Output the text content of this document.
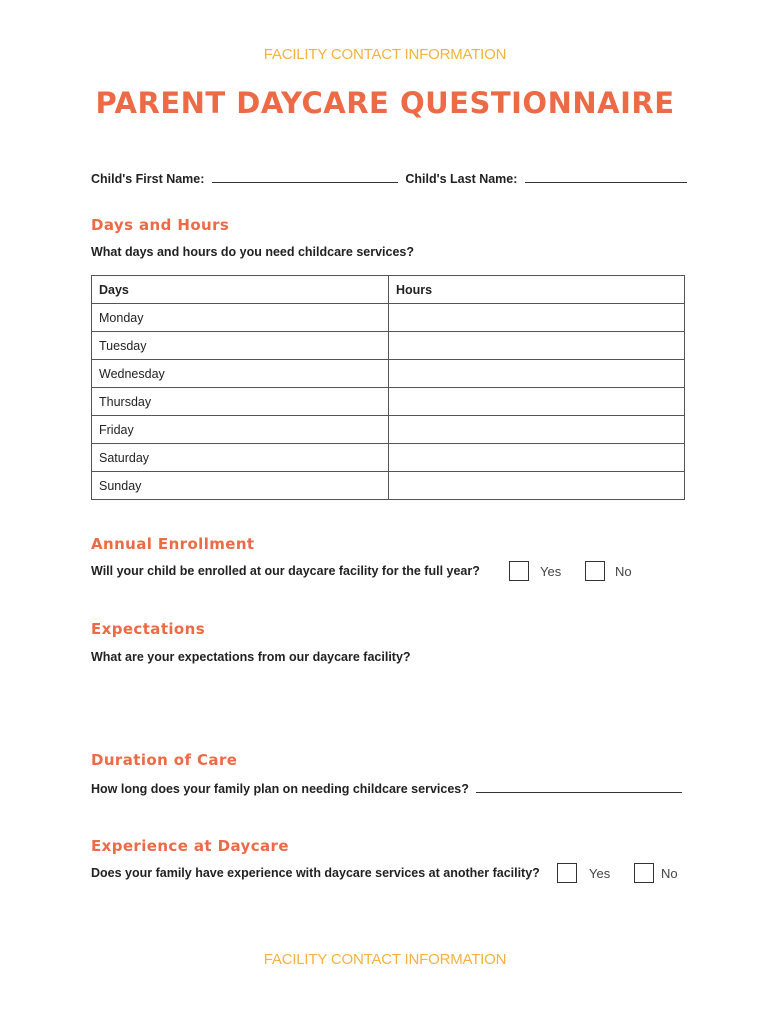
FACILITY CONTACT INFORMATION
PARENT DAYCARE QUESTIONNAIRE
Child's First Name:	Child's Last Name:
Days and Hours
What days and hours do you need childcare services?
Days	Hours
Monday	
Tuesday	
Wednesday	
Thursday	
Friday	
Saturday	
Sunday	
Annual Enrollment
Will your child be enrolled at our daycare facility for the full year?	Yes	No
Expectations
What are your expectations from our daycare facility?
Duration of Care
How long does your family plan on needing childcare services?
Experience at Daycare
Does your family have experience with daycare services at another facility?	Yes	No
FACILITY CONTACT INFORMATION
